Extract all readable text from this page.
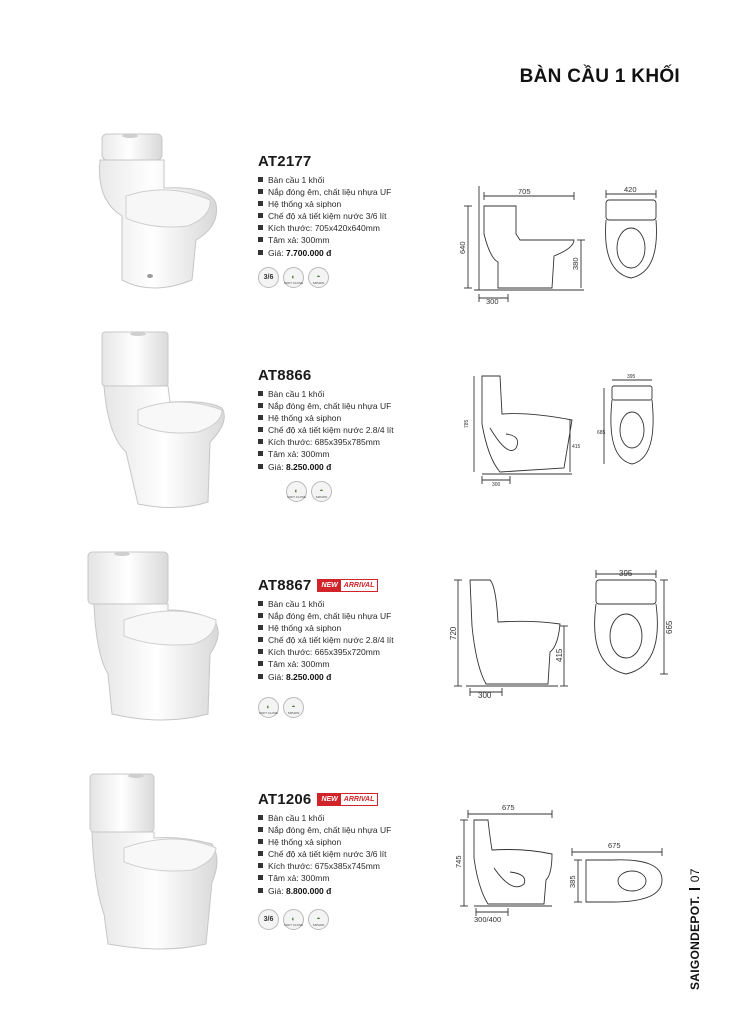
BÀN CẦU 1 KHỐI
AT2177
Bàn cầu 1 khối
Nắp đóng êm, chất liệu nhựa UF
Hệ thống xả siphon
Chế độ xả tiết kiệm nước 3/6 lít
Kích thước: 705x420x640mm
Tâm xả: 300mm
Giá: 7.700.000 đ
3/6	◐
SOFT CLOSE
◓
SIPHON
705	420
640
380
300
AT8866
Bàn cầu 1 khối
Nắp đóng êm, chất liệu nhựa UF
Hệ thống xả siphon
Chế độ xả tiết kiệm nước 2.8/4 lít
Kích thước: 685x395x785mm
Tâm xả: 300mm
Giá: 8.250.000 đ
◐
SOFT CLOSE
◓
SIPHON
785
415
300
395
685
AT8867	NEW ARRIVAL
Bàn cầu 1 khối
Nắp đóng êm, chất liệu nhựa UF
Hệ thống xả siphon
Chế độ xả tiết kiệm nước 2.8/4 lít
Kích thước: 665x395x720mm
Tâm xả: 300mm
Giá: 8.250.000 đ
◐
SOFT CLOSE
◓
SIPHON
395
720
415
665
300
AT1206	NEW ARRIVAL
Bàn cầu 1 khối
Nắp đóng êm, chất liệu nhựa UF
Hệ thống xả siphon
Chế độ xả tiết kiệm nước 3/6 lít
Kích thước: 675x385x745mm
Tâm xả: 300mm
Giá: 8.800.000 đ
3/6	◐
SOFT CLOSE
◓
SIPHON
675
745
300/400
675
385
SAIGONDEPOT.07
